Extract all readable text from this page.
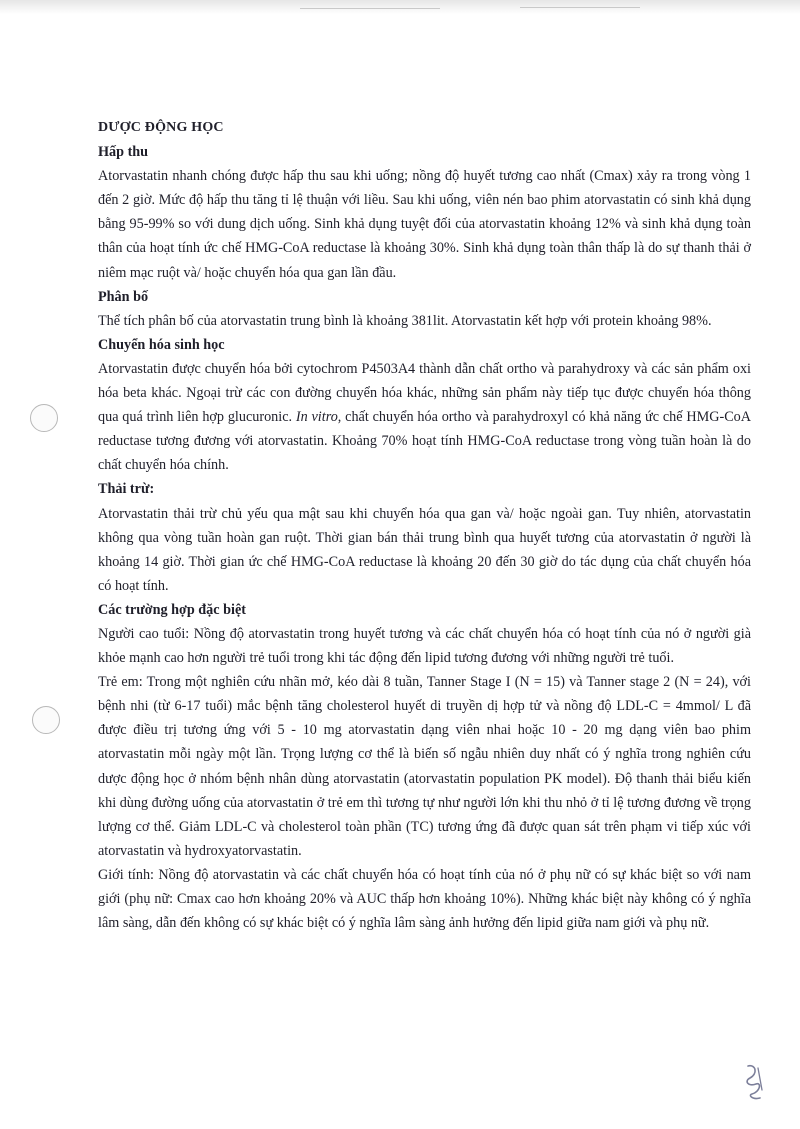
DƯỢC ĐỘNG HỌC

Hấp thu

Atorvastatin nhanh chóng được hấp thu sau khi uống; nồng độ huyết tương cao nhất (Cmax) xảy ra trong vòng 1 đến 2 giờ. Mức độ hấp thu tăng tỉ lệ thuận với liều. Sau khi uống, viên nén bao phim atorvastatin có sinh khả dụng bằng 95-99% so với dung dịch uống. Sinh khả dụng tuyệt đối của atorvastatin khoảng 12% và sinh khả dụng toàn thân của hoạt tính ức chế HMG-CoA reductase là khoảng 30%. Sinh khả dụng toàn thân thấp là do sự thanh thải ở niêm mạc ruột và/ hoặc chuyển hóa qua gan lần đầu.

Phân bố

Thể tích phân bố của atorvastatin trung bình là khoảng 381lit. Atorvastatin kết hợp với protein khoảng 98%.

Chuyển hóa sinh học

Atorvastatin được chuyển hóa bởi cytochrom P4503A4 thành dẫn chất ortho và parahydroxy và các sản phẩm oxi hóa beta khác. Ngoại trừ các con đường chuyển hóa khác, những sản phẩm này tiếp tục được chuyển hóa thông qua quá trình liên hợp glucuronic. In vitro, chất chuyển hóa ortho và parahydroxyl có khả năng ức chế HMG-CoA reductase tương đương với atorvastatin. Khoảng 70% hoạt tính HMG-CoA reductase trong vòng tuần hoàn là do chất chuyển hóa chính.

Thải trừ:

Atorvastatin thải trừ chủ yếu qua mật sau khi chuyển hóa qua gan và/ hoặc ngoài gan. Tuy nhiên, atorvastatin không qua vòng tuần hoàn gan ruột. Thời gian bán thải trung bình qua huyết tương của atorvastatin ở người là khoảng 14 giờ. Thời gian ức chế HMG-CoA reductase là khoảng 20 đến 30 giờ do tác dụng của chất chuyển hóa có hoạt tính.

Các trường hợp đặc biệt

Người cao tuổi: Nồng độ atorvastatin trong huyết tương và các chất chuyển hóa có hoạt tính của nó ở người già khỏe mạnh cao hơn người trẻ tuổi trong khi tác động đến lipid tương đương với những người trẻ tuổi.

Trẻ em: Trong một nghiên cứu nhãn mở, kéo dài 8 tuần, Tanner Stage I (N = 15) và Tanner stage 2 (N = 24), với bệnh nhi (từ 6-17 tuổi) mắc bệnh tăng cholesterol huyết di truyền dị hợp tử và nồng độ LDL-C = 4mmol/ L đã được điều trị tương ứng với 5 - 10 mg atorvastatin dạng viên nhai hoặc 10 - 20 mg dạng viên bao phim atorvastatin mỗi ngày một lần. Trọng lượng cơ thể là biến số ngẫu nhiên duy nhất có ý nghĩa trong nghiên cứu dược động học ở nhóm bệnh nhân dùng atorvastatin (atorvastatin population PK model). Độ thanh thải biểu kiến khi dùng đường uống của atorvastatin ở trẻ em thì tương tự như người lớn khi thu nhỏ ở tỉ lệ tương đương về trọng lượng cơ thể. Giảm LDL-C và cholesterol toàn phần (TC) tương ứng đã được quan sát trên phạm vi tiếp xúc với atorvastatin và hydroxyatorvastatin.

Giới tính: Nồng độ atorvastatin và các chất chuyển hóa có hoạt tính của nó ở phụ nữ có sự khác biệt so với nam giới (phụ nữ: Cmax cao hơn khoảng 20% và AUC thấp hơn khoảng 10%). Những khác biệt này không có ý nghĩa lâm sàng, dẫn đến không có sự khác biệt có ý nghĩa lâm sàng ảnh hưởng đến lipid giữa nam giới và phụ nữ.
